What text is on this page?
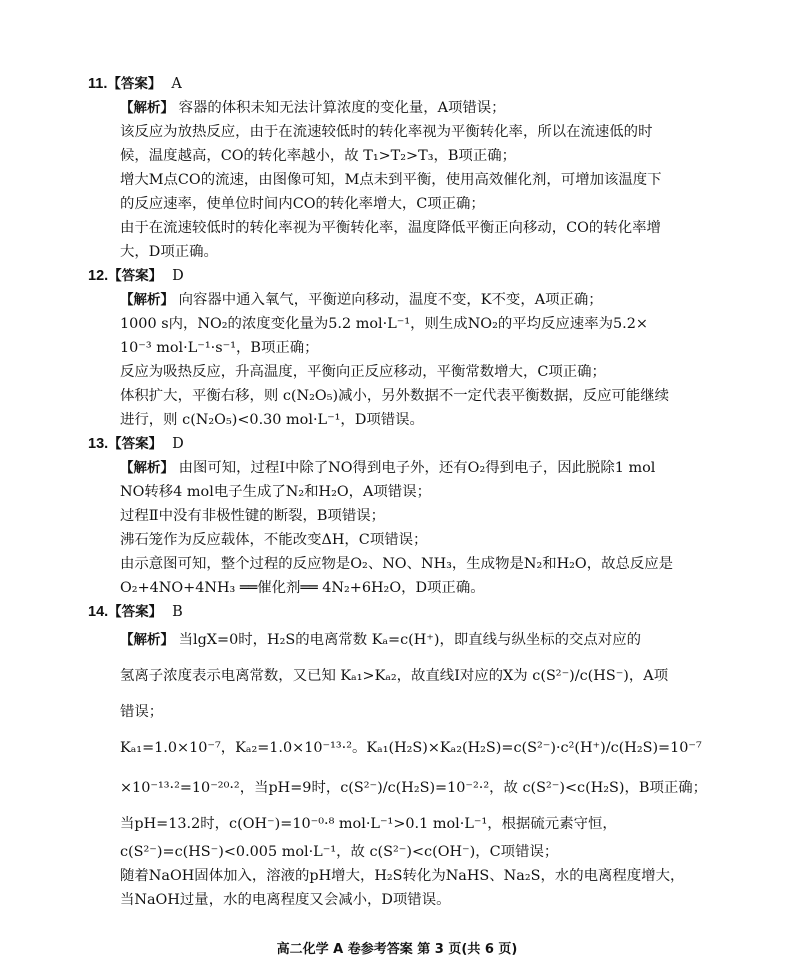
11.【答案】 A
【解析】 容器的体积未知无法计算浓度的变化量，A项错误；
该反应为放热反应，由于在流速较低时的转化率视为平衡转化率，所以在流速低的时
候，温度越高，CO的转化率越小，故 T₁>T₂>T₃，B项正确；
增大M点CO的流速，由图像可知，M点未到平衡，使用高效催化剂，可增加该温度下
的反应速率，使单位时间内CO的转化率增大，C项正确；
由于在流速较低时的转化率视为平衡转化率，温度降低平衡正向移动，CO的转化率增
大，D项正确。
12.【答案】 D
【解析】 向容器中通入氧气，平衡逆向移动，温度不变，K不变，A项正确；
1000 s内，NO₂的浓度变化量为5.2 mol·L⁻¹，则生成NO₂的平均反应速率为5.2×
10⁻³ mol·L⁻¹·s⁻¹，B项正确；
反应为吸热反应，升高温度，平衡向正反应移动，平衡常数增大，C项正确；
体积扩大，平衡右移，则 c(N₂O₅)减小，另外数据不一定代表平衡数据，反应可能继续
进行，则 c(N₂O₅)<0.30 mol·L⁻¹，D项错误。
13.【答案】 D
【解析】 由图可知，过程Ⅰ中除了NO得到电子外，还有O₂得到电子，因此脱除1 mol
NO转移4 mol电子生成了N₂和H₂O，A项错误；
过程Ⅱ中没有非极性键的断裂，B项错误；
沸石笼作为反应载体，不能改变ΔH，C项错误；
由示意图可知，整个过程的反应物是O₂、NO、NH₃，生成物是N₂和H₂O，故总反应是
O₂+4NO+4NH₃ ══催化剂══ 4N₂+6H₂O，D项正确。
14.【答案】 B
【解析】 当lgX=0时，H₂S的电离常数 Kₐ=c(H⁺)，即直线与纵坐标的交点对应的
氢离子浓度表示电离常数，又已知 Kₐ₁>Kₐ₂，故直线Ⅰ对应的X为 c(S²⁻)/c(HS⁻)，A项
错误；
Kₐ₁=1.0×10⁻⁷，Kₐ₂=1.0×10⁻¹³·²。Kₐ₁(H₂S)×Kₐ₂(H₂S)=c(S²⁻)·c²(H⁺)/c(H₂S)=10⁻⁷
×10⁻¹³·²=10⁻²⁰·²，当pH=9时，c(S²⁻)/c(H₂S)=10⁻²·²，故 c(S²⁻)<c(H₂S)，B项正确；
当pH=13.2时，c(OH⁻)=10⁻⁰·⁸ mol·L⁻¹>0.1 mol·L⁻¹，根据硫元素守恒，
c(S²⁻)=c(HS⁻)<0.005 mol·L⁻¹，故 c(S²⁻)<c(OH⁻)，C项错误；
随着NaOH固体加入，溶液的pH增大，H₂S转化为NaHS、Na₂S，水的电离程度增大，
当NaOH过量，水的电离程度又会减小，D项错误。
高二化学 A 卷参考答案 第 3 页(共 6 页)
